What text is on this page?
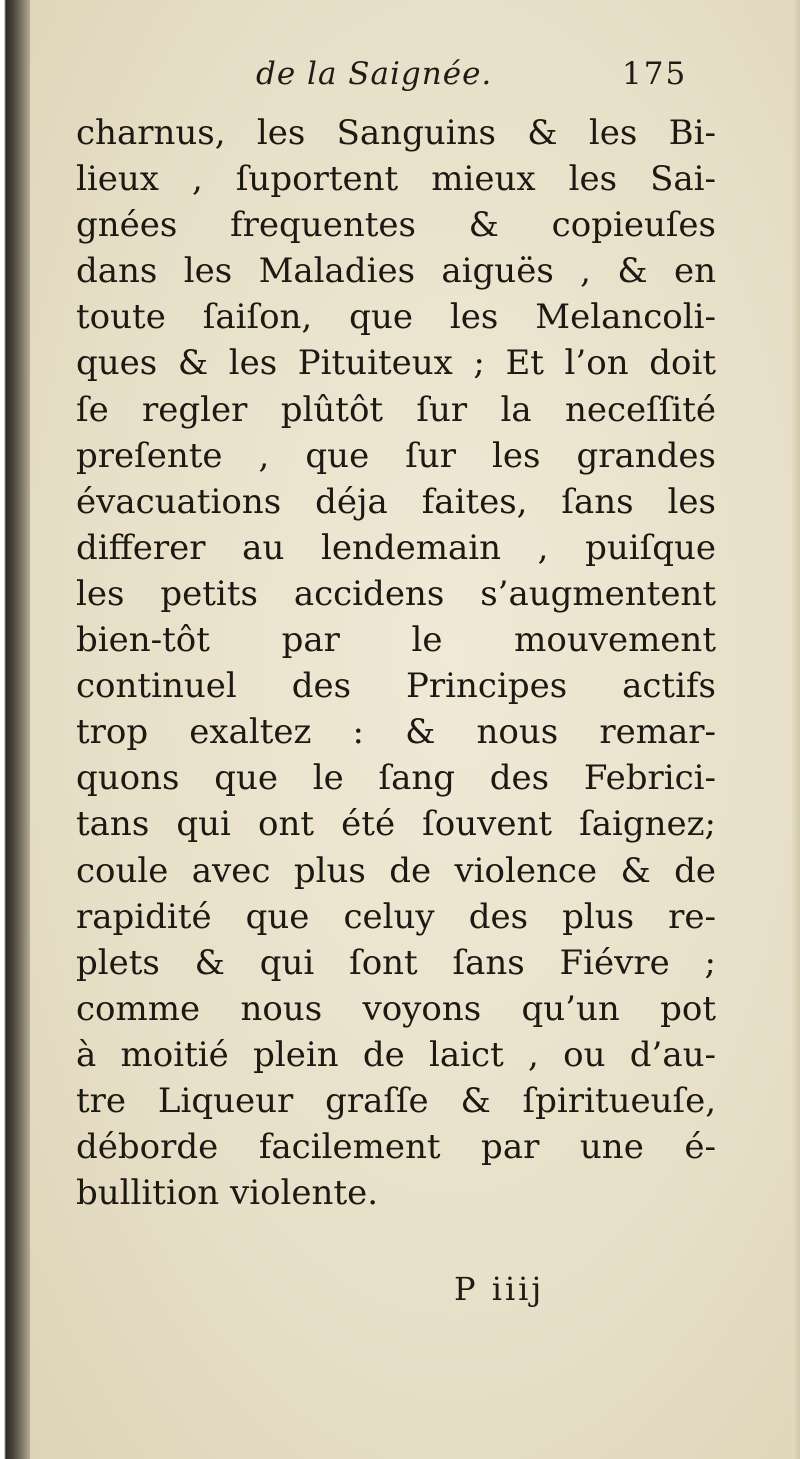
de la Saignée.	175
charnus, les Sanguins & les Bi-
lieux , ſuportent mieux les Sai-
gnées frequentes & copieuſes
dans les Maladies aiguës , & en
toute ſaiſon, que les Melancoli-
ques & les Pituiteux ; Et l’on doit
ſe regler plûtôt ſur la neceſſité
preſente , que ſur les grandes
évacuations déja faites, ſans les
differer au lendemain , puiſque
les petits accidens s’augmentent
bien-tôt par le mouvement
continuel des Principes actifs
trop exaltez : & nous remar-
quons que le ſang des Febrici-
tans qui ont été ſouvent ſaignez;
coule avec plus de violence & de
rapidité que celuy des plus re-
plets & qui ſont ſans Fiévre ;
comme nous voyons qu’un pot
à moitié plein de laict , ou d’au-
tre Liqueur graſſe & ſpiritueuſe,
déborde facilement par une é-
bullition violente.
P iiij
